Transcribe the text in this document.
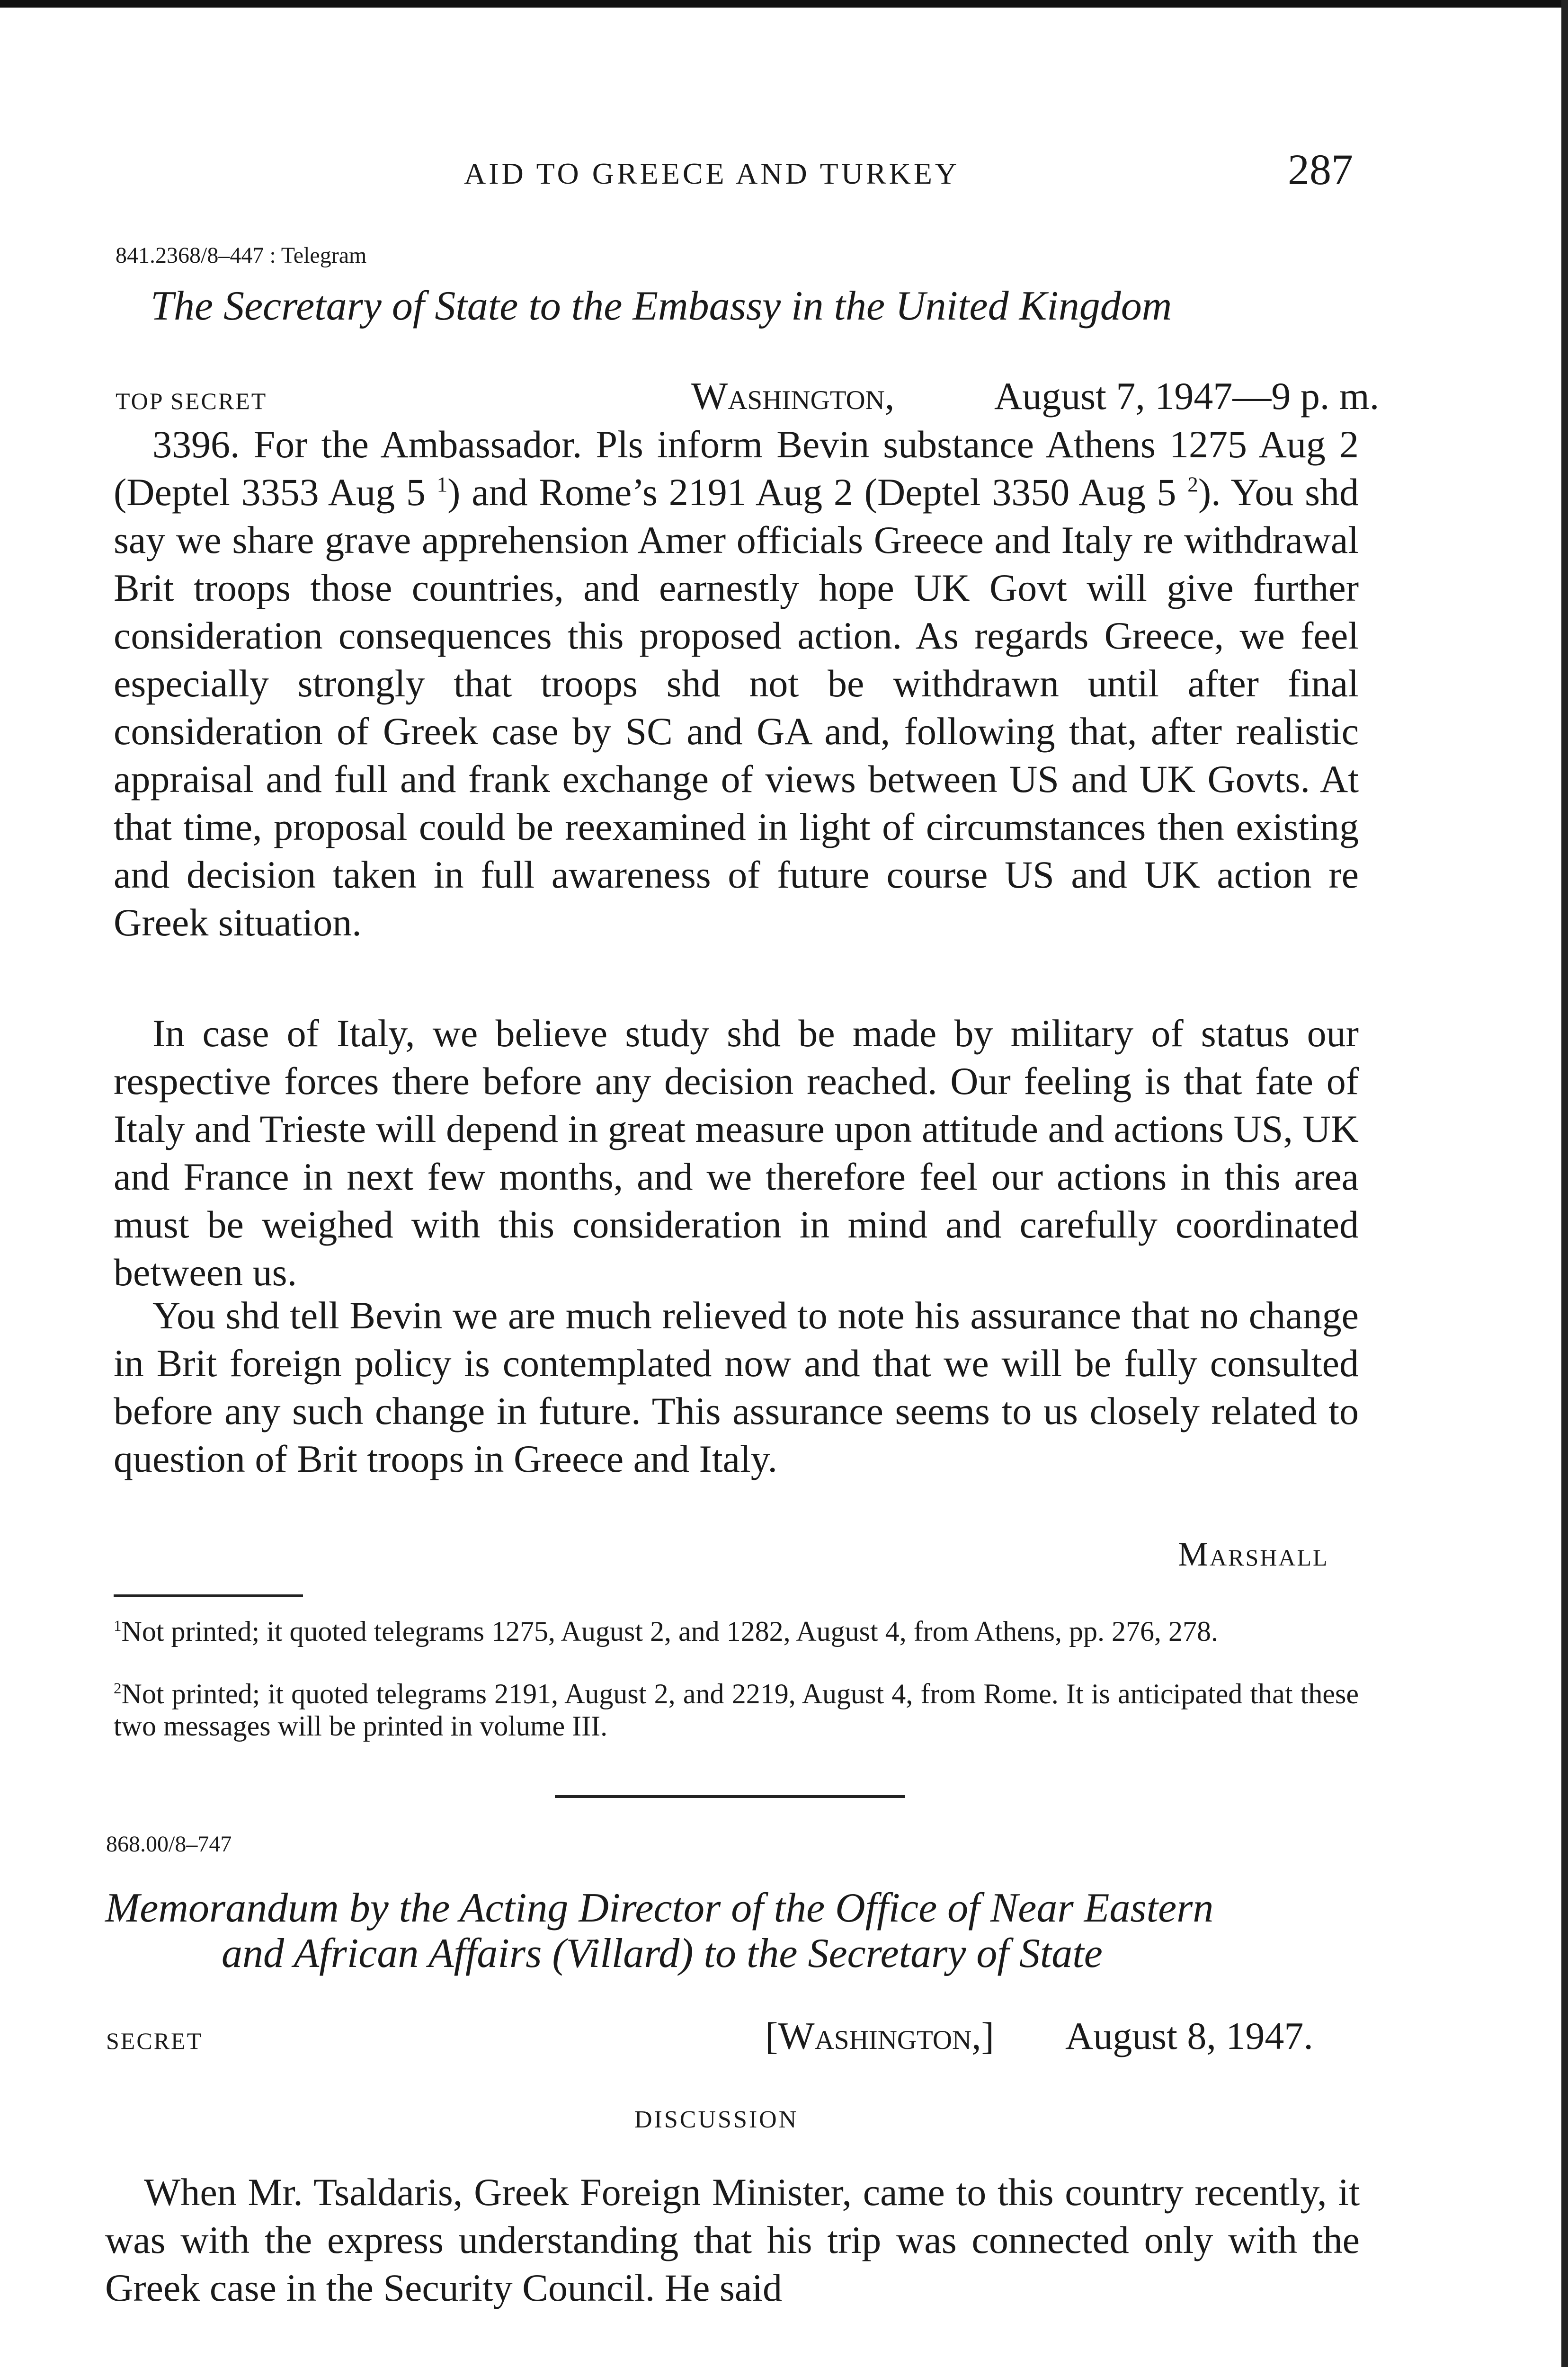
AID TO GREECE AND TURKEY	287
841.2368/8–447 : Telegram
The Secretary of State to the Embassy in the United Kingdom
TOP SECRET	Washington,	August 7, 1947—9 p. m.

3396. For the Ambassador. Pls inform Bevin substance Athens 1275 Aug 2 (Deptel 3353 Aug 5 $^1$) and Rome’s 2191 Aug 2 (Deptel 3350 Aug 5 $^2$). You shd say we share grave apprehension Amer officials Greece and Italy re withdrawal Brit troops those countries, and earnestly hope UK Govt will give further consideration consequences this proposed action. As regards Greece, we feel especially strongly that troops shd not be withdrawn until after final consideration of Greek case by SC and GA and, following that, after realistic appraisal and full and frank exchange of views between US and UK Govts. At that time, proposal could be reexamined in light of circumstances then existing and decision taken in full awareness of future course US and UK action re Greek situation.

In case of Italy, we believe study shd be made by military of status our respective forces there before any decision reached. Our feeling is that fate of Italy and Trieste will depend in great measure upon attitude and actions US, UK and France in next few months, and we therefore feel our actions in this area must be weighed with this consideration in mind and carefully coordinated between us.

You shd tell Bevin we are much relieved to note his assurance that no change in Brit foreign policy is contemplated now and that we will be fully consulted before any such change in future. This assurance seems to us closely related to question of Brit troops in Greece and Italy.

Marshall

$^1$Not printed; it quoted telegrams 1275, August 2, and 1282, August 4, from Athens, pp. 276, 278.

$^2$Not printed; it quoted telegrams 2191, August 2, and 2219, August 4, from Rome. It is anticipated that these two messages will be printed in volume III.

868.00/8–747
Memorandum by the Acting Director of the Office of Near Eastern
and African Affairs (Villard) to the Secretary of State
SECRET	[Washington,] August 8, 1947.
DISCUSSION

When Mr. Tsaldaris, Greek Foreign Minister, came to this country recently, it was with the express understanding that his trip was connected only with the Greek case in the Security Council. He said
